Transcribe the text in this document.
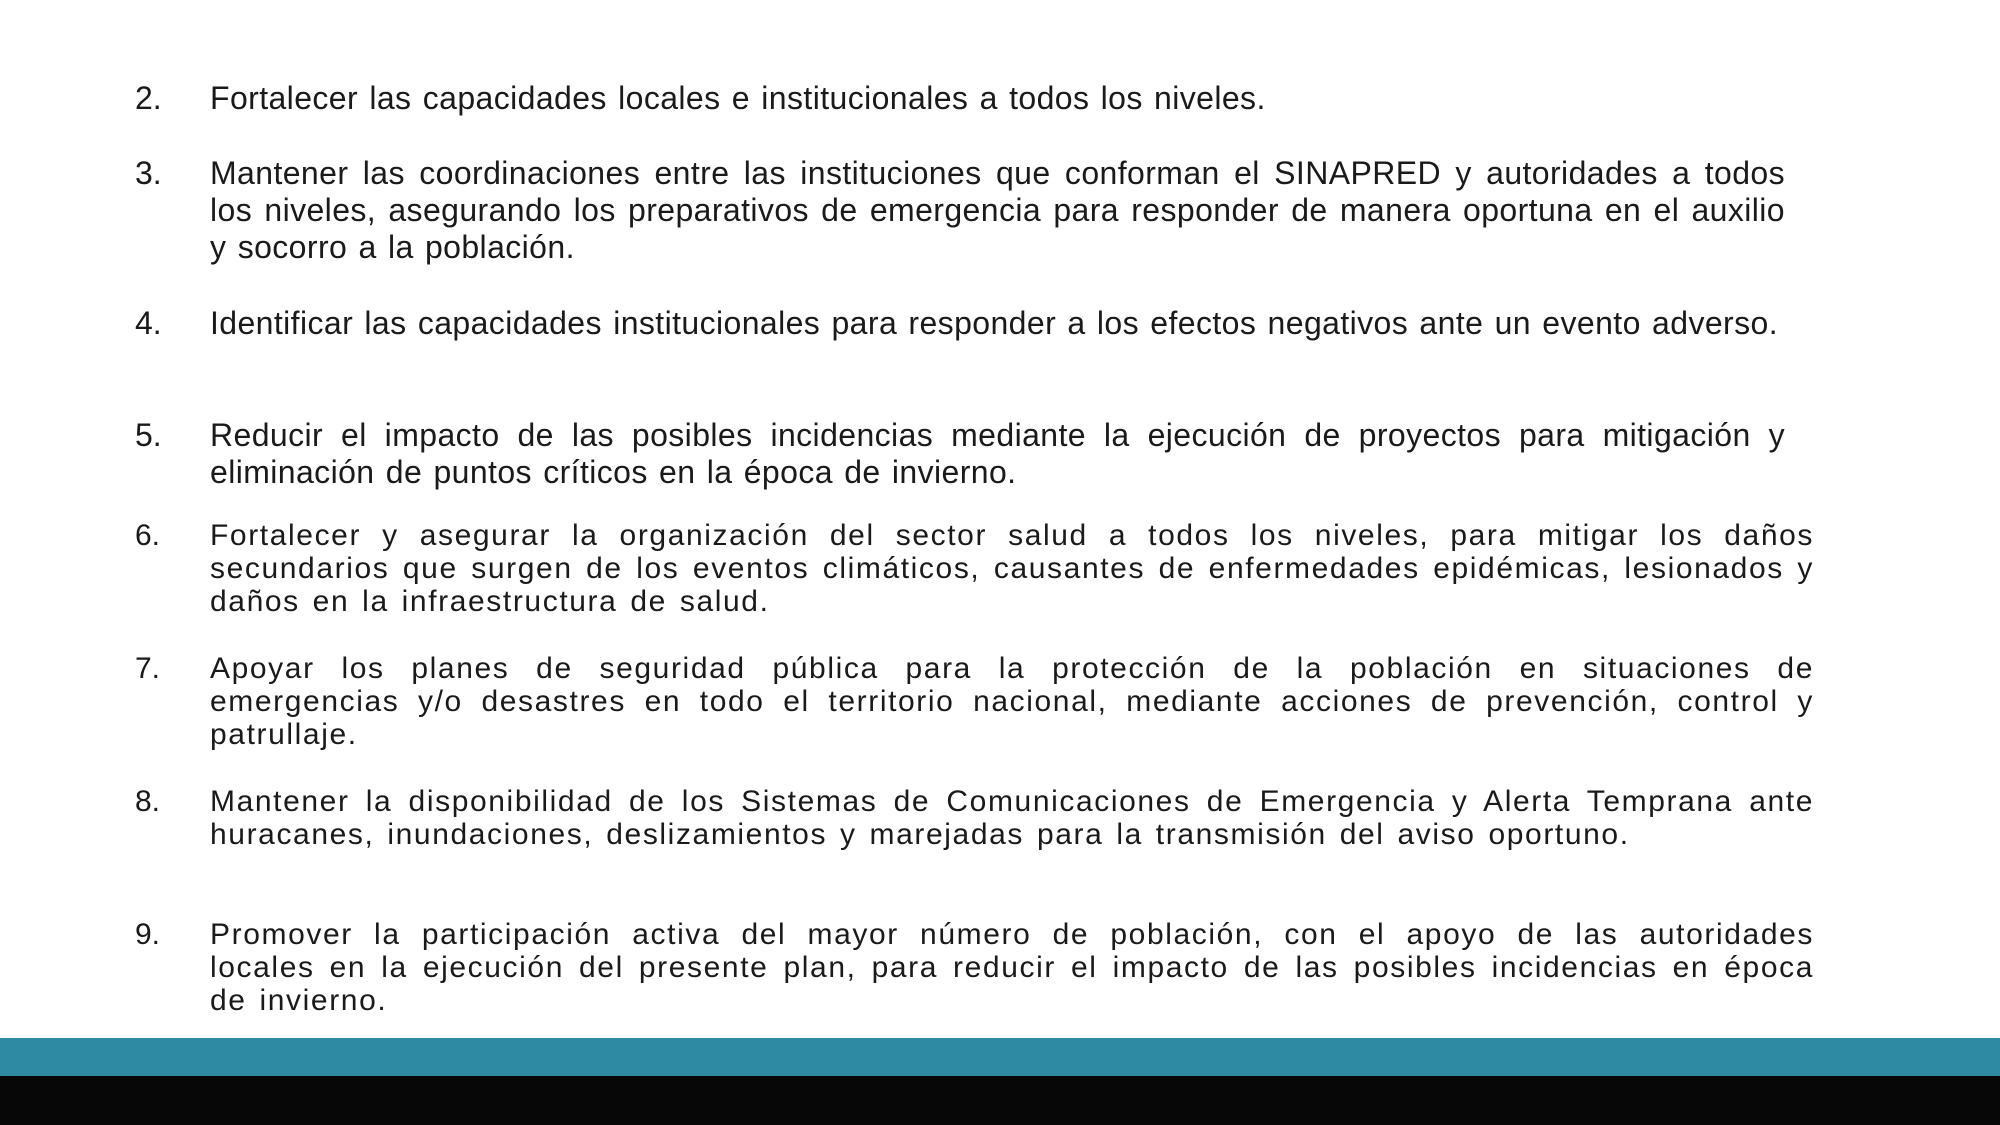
2.	Fortalecer las capacidades locales e institucionales a todos los niveles.
3.	Mantener las coordinaciones entre las instituciones que conforman el SINAPRED y autoridades a todos los niveles, asegurando los preparativos de emergencia para responder de manera oportuna en el auxilio y socorro a la población.
4.	Identificar las capacidades institucionales para responder a los efectos negativos ante un evento adverso.
5.	Reducir el impacto de las posibles incidencias mediante la ejecución de proyectos para mitigación y eliminación de puntos críticos en la época de invierno.
6.	Fortalecer y asegurar la organización del sector salud a todos los niveles, para mitigar los daños secundarios que surgen de los eventos climáticos, causantes de enfermedades epidémicas, lesionados y daños en la infraestructura de salud.
7.	Apoyar los planes de seguridad pública para la protección de la población en situaciones de emergencias y/o desastres en todo el territorio nacional, mediante acciones de prevención, control y patrullaje.
8.	Mantener la disponibilidad de los Sistemas de Comunicaciones de Emergencia y Alerta Temprana ante huracanes, inundaciones, deslizamientos y marejadas para la transmisión del aviso oportuno.
9.	Promover la participación activa del mayor número de población, con el apoyo de las autoridades locales en la ejecución del presente plan, para reducir el impacto de las posibles incidencias en época de invierno.
